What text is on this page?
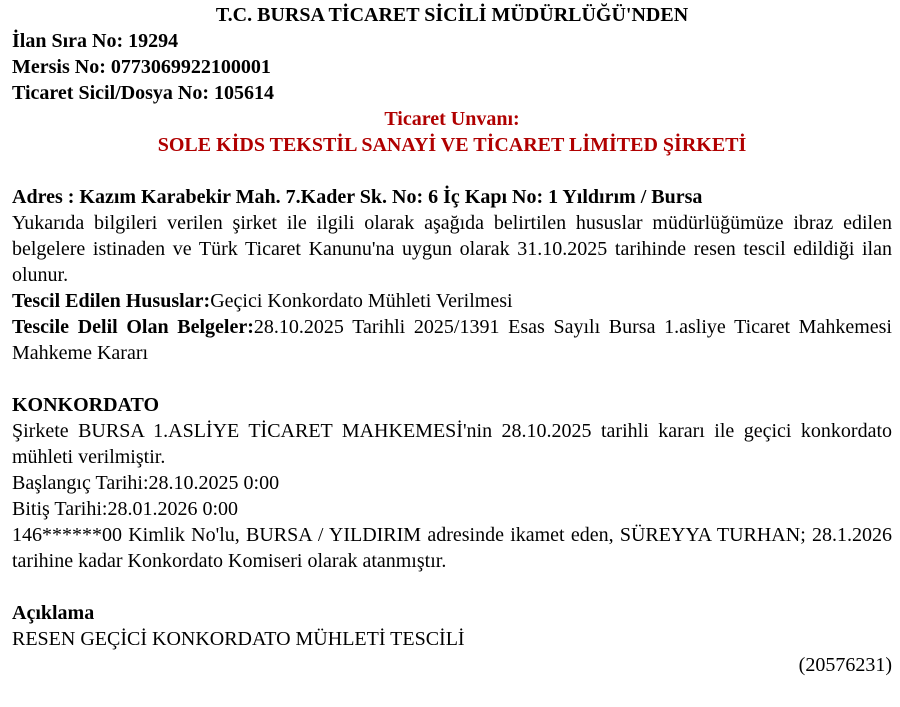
T.C. BURSA TİCARET SİCİLİ MÜDÜRLÜĞÜ'NDEN
İlan Sıra No: 19294
Mersis No: 0773069922100001
Ticaret Sicil/Dosya No: 105614
Ticaret Unvanı:
SOLE KİDS TEKSTİL SANAYİ VE TİCARET LİMİTED ŞİRKETİ
Adres : Kazım Karabekir Mah. 7.Kader Sk. No: 6 İç Kapı No: 1 Yıldırım / Bursa
Yukarıda bilgileri verilen şirket ile ilgili olarak aşağıda belirtilen hususlar müdürlüğümüze ibraz edilen belgelere istinaden ve Türk Ticaret Kanunu'na uygun olarak 31.10.2025 tarihinde resen tescil edildiği ilan olunur.
Tescil Edilen Hususlar:Geçici Konkordato Mühleti Verilmesi
Tescile Delil Olan Belgeler:28.10.2025 Tarihli 2025/1391 Esas Sayılı Bursa 1.asliye Ticaret Mahkemesi Mahkeme Kararı
KONKORDATO
Şirkete BURSA 1.ASLİYE TİCARET MAHKEMESİ'nin 28.10.2025 tarihli kararı ile geçici konkordato mühleti verilmiştir.
Başlangıç Tarihi:28.10.2025 0:00
Bitiş Tarihi:28.01.2026 0:00
146******00 Kimlik No'lu, BURSA / YILDIRIM adresinde ikamet eden, SÜREYYA TURHAN; 28.1.2026 tarihine kadar Konkordato Komiseri olarak atanmıştır.
Açıklama
RESEN GEÇİCİ KONKORDATO MÜHLETİ TESCİLİ
(20576231)
